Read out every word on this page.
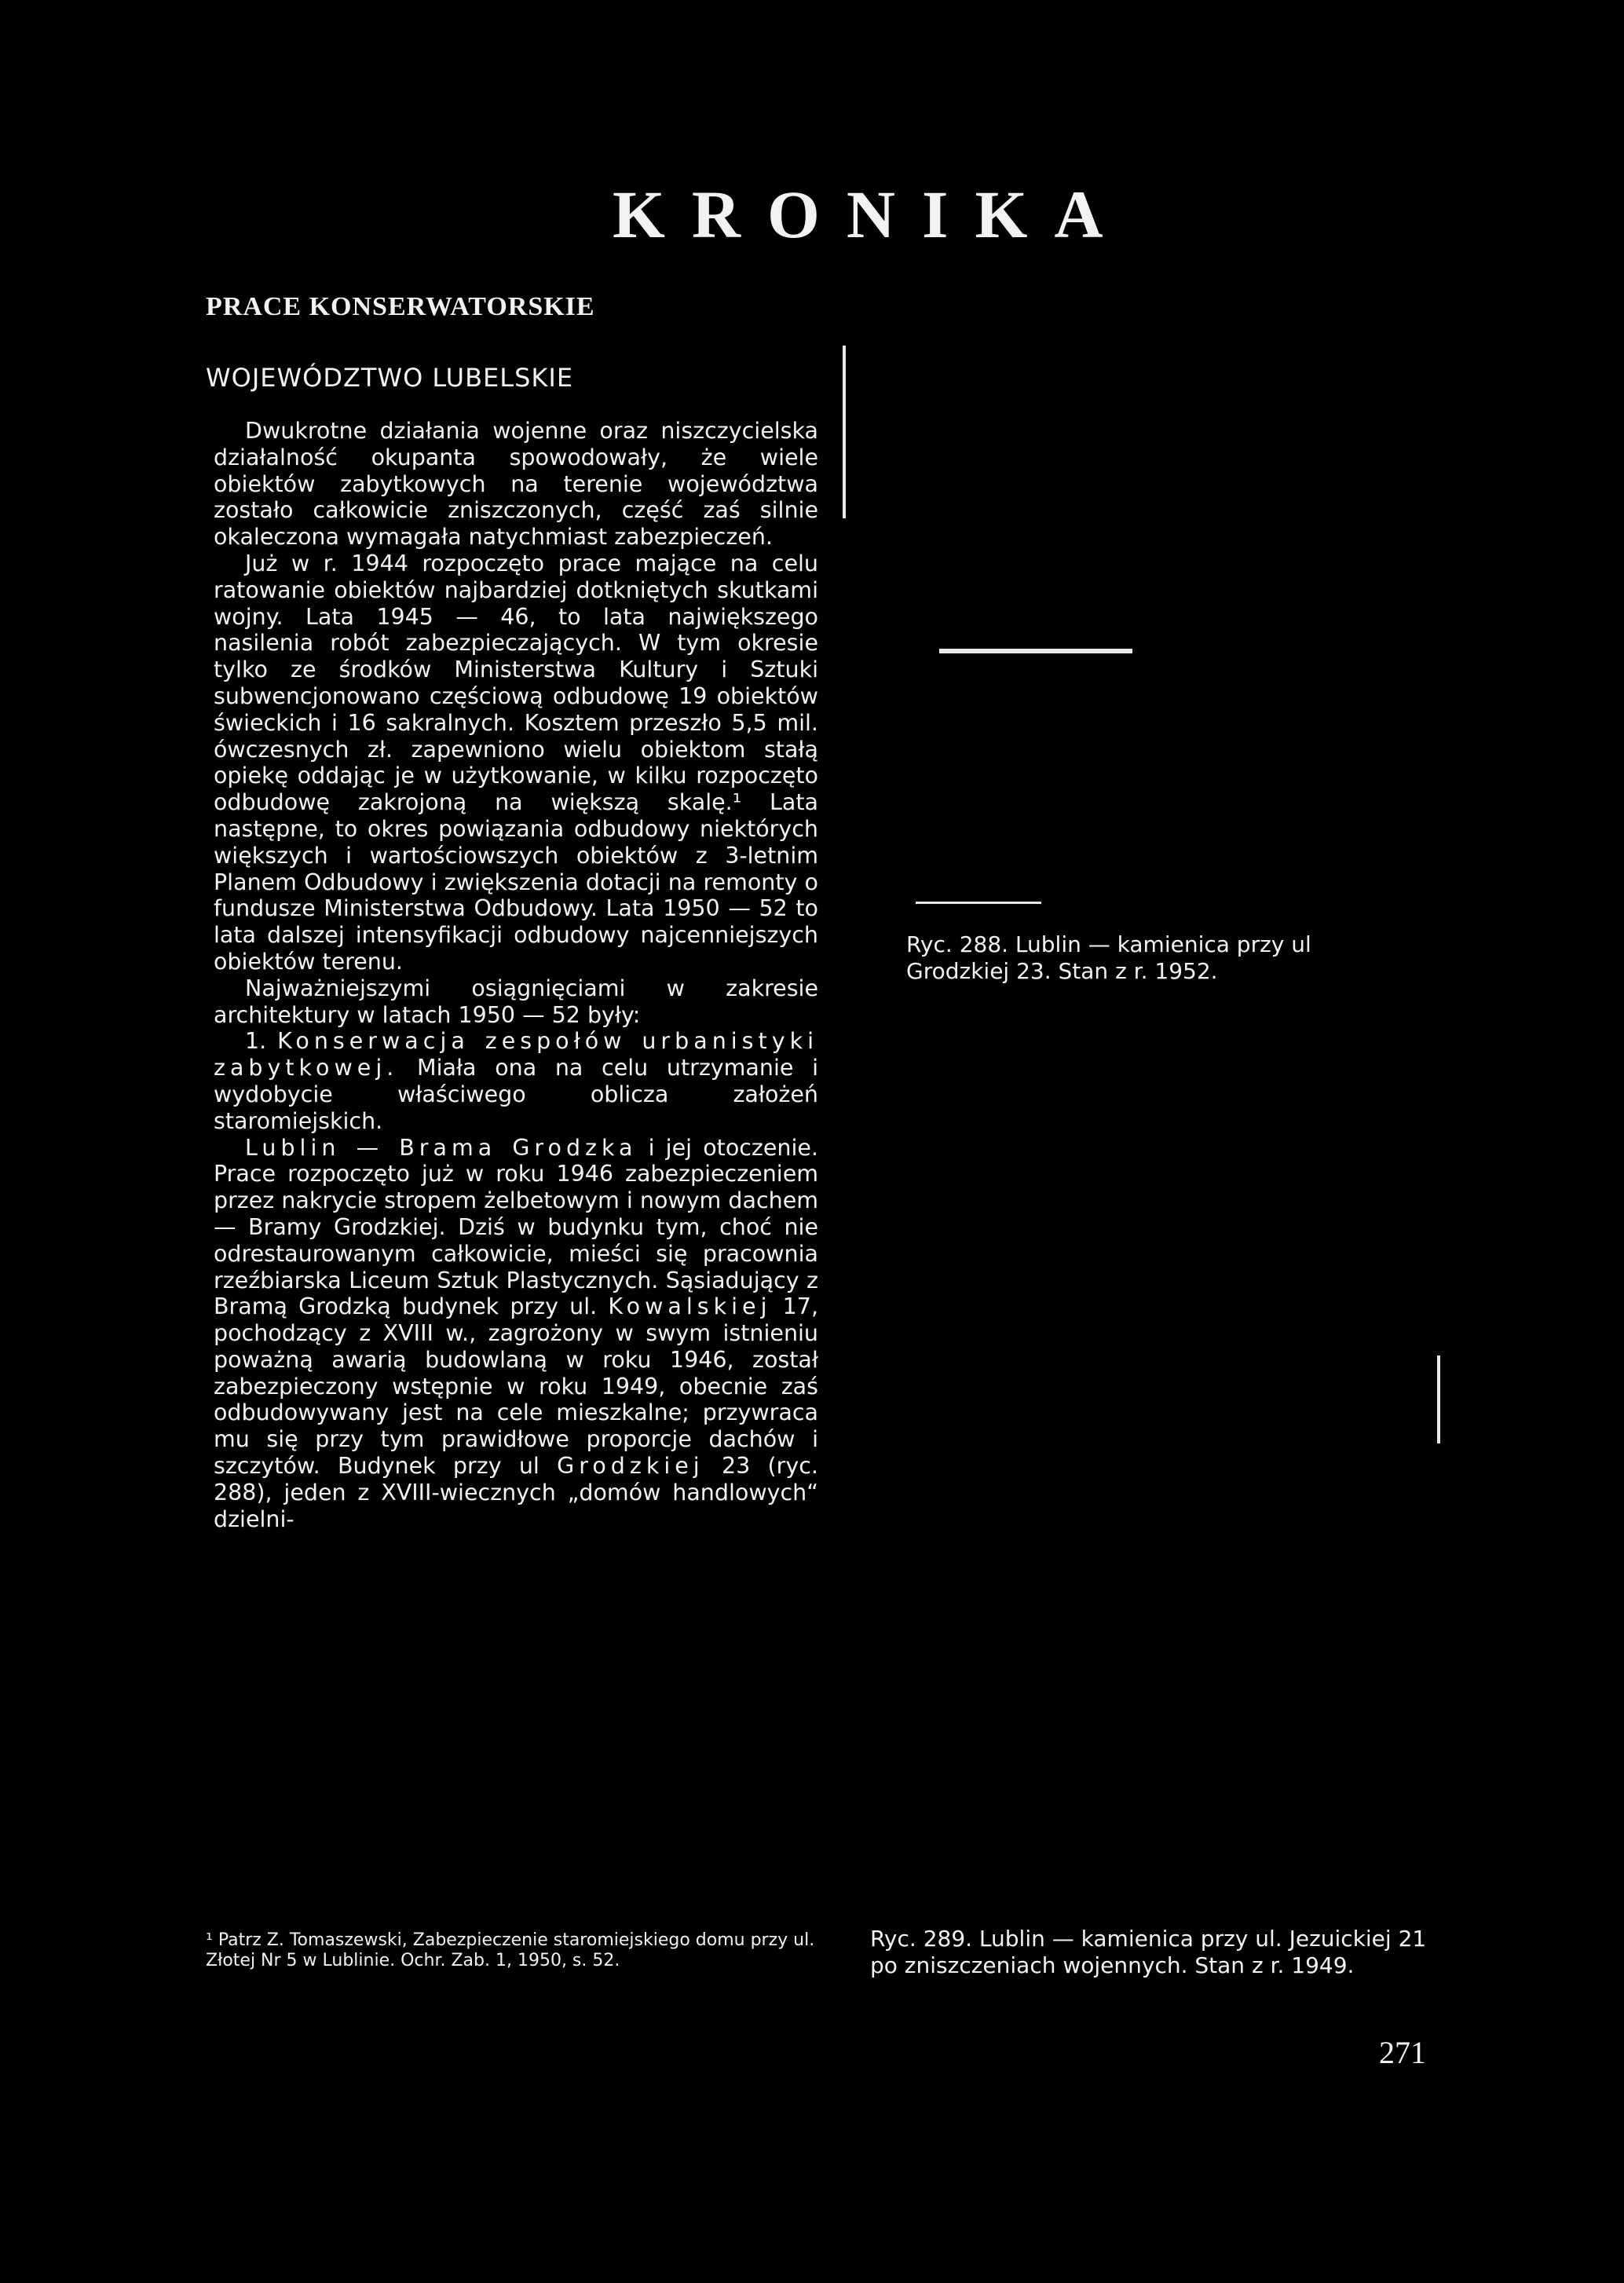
KRONIKA
PRACE KONSERWATORSKIE
WOJEWÓDZTWO LUBELSKIE

Dwukrotne działania wojenne oraz niszczycielska działalność okupanta spowodowały, że wiele obiektów zabytkowych na terenie województwa zostało całkowicie zniszczonych, część zaś silnie okaleczona wymagała natychmiast zabezpieczeń.

Już w r. 1944 rozpoczęto prace mające na celu ratowanie obiektów najbardziej dotkniętych skutkami wojny. Lata 1945 — 46, to lata największego nasilenia robót zabezpieczających. W tym okresie tylko ze środków Ministerstwa Kultury i Sztuki subwencjonowano częściową odbudowę 19 obiektów świeckich i 16 sakralnych. Kosztem przeszło 5,5 mil. ówczesnych zł. zapewniono wielu obiektom stałą opiekę oddając je w użytkowanie, w kilku rozpoczęto odbudowę zakrojoną na większą skalę.¹ Lata następne, to okres powiązania odbudowy niektórych większych i wartościowszych obiektów z 3-letnim Planem Odbudowy i zwiększenia dotacji na remonty o fundusze Ministerstwa Odbudowy. Lata 1950 — 52 to lata dalszej intensyfikacji odbudowy najcenniejszych obiektów terenu.

Najważniejszymi osiągnięciami w zakresie architektury w latach 1950 — 52 były:

1. Konserwacja zespołów urbanistyki zabytkowej. Miała ona na celu utrzymanie i wydobycie właściwego oblicza założeń staromiejskich.

Lublin — Brama Grodzka i jej otoczenie. Prace rozpoczęto już w roku 1946 zabezpieczeniem przez nakrycie stropem żelbetowym i nowym dachem — Bramy Grodzkiej. Dziś w budynku tym, choć nie odrestaurowanym całkowicie, mieści się pracownia rzeźbiarska Liceum Sztuk Plastycznych. Sąsiadujący z Bramą Grodzką budynek przy ul. Kowalskiej 17, pochodzący z XVIII w., zagrożony w swym istnieniu poważną awarią budowlaną w roku 1946, został zabezpieczony wstępnie w roku 1949, obecnie zaś odbudowywany jest na cele mieszkalne; przywraca mu się przy tym prawidłowe proporcje dachów i szczytów. Budynek przy ul Grodzkiej 23 (ryc. 288), jeden z XVIII-wiecznych „domów handlowych“ dzielni-

¹ Patrz Z. Tomaszewski, Zabezpieczenie staromiejskiego domu przy ul. Złotej Nr 5 w Lublinie. Ochr. Zab. 1, 1950, s. 52.
Ryc. 288. Lublin — kamienica przy ul Grodzkiej 23. Stan z r. 1952.
Ryc. 289. Lublin — kamienica przy ul. Jezuickiej 21 po zniszczeniach wojennych. Stan z r. 1949.
271
